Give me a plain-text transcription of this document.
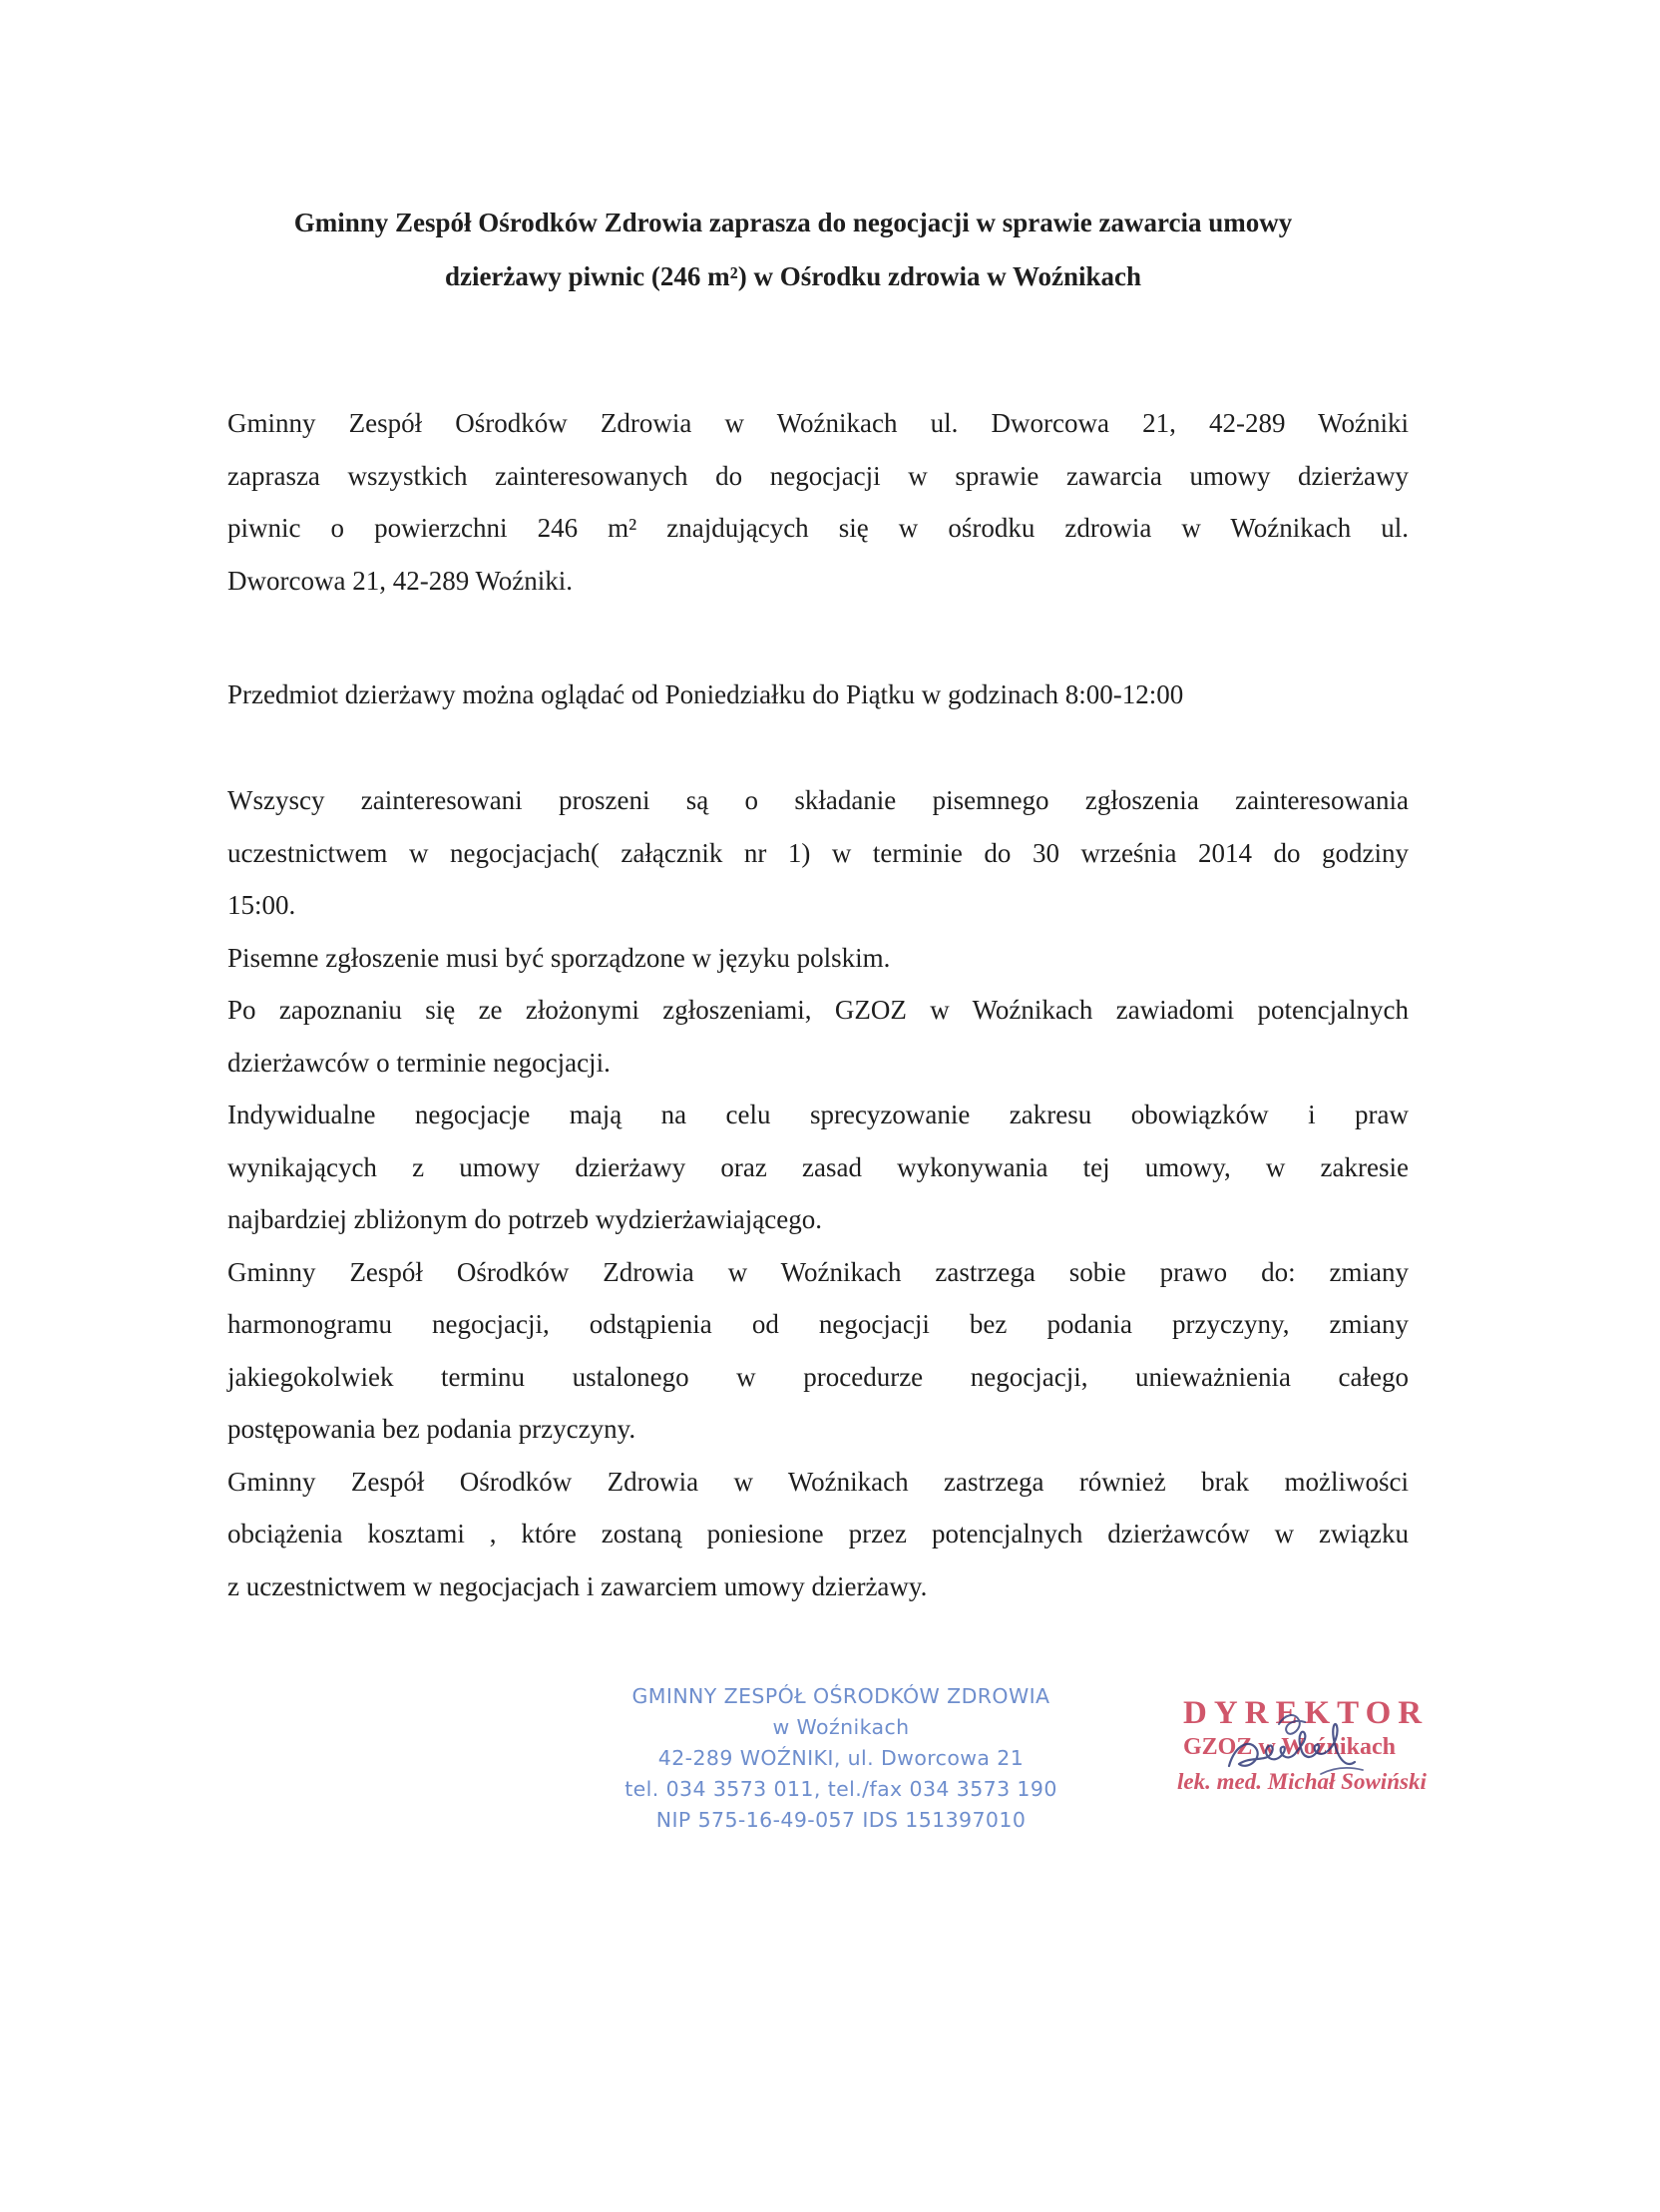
Gminny Zespół Ośrodków Zdrowia zaprasza do negocjacji w sprawie zawarcia umowy
dzierżawy piwnic (246 m²) w Ośrodku zdrowia w Woźnikach
Gminny Zespół Ośrodków Zdrowia w Woźnikach ul. Dworcowa 21, 42-289 Woźniki
zaprasza wszystkich zainteresowanych do negocjacji w sprawie zawarcia umowy dzierżawy
piwnic o powierzchni 246 m² znajdujących się w ośrodku zdrowia w Woźnikach ul.
Dworcowa 21, 42-289 Woźniki.
Przedmiot dzierżawy można oglądać od Poniedziałku do Piątku w godzinach 8:00-12:00
Wszyscy zainteresowani proszeni są o składanie pisemnego zgłoszenia zainteresowania
uczestnictwem w negocjacjach( załącznik nr 1) w terminie do 30 września 2014 do godziny
15:00.
Pisemne zgłoszenie musi być sporządzone w języku polskim.
Po zapoznaniu się ze złożonymi zgłoszeniami, GZOZ w Woźnikach zawiadomi potencjalnych
dzierżawców o terminie negocjacji.
Indywidualne negocjacje mają na celu sprecyzowanie zakresu obowiązków i praw
wynikających z umowy dzierżawy oraz zasad wykonywania tej umowy, w zakresie
najbardziej zbliżonym do potrzeb wydzierżawiającego.
Gminny Zespół Ośrodków Zdrowia w Woźnikach zastrzega sobie prawo do: zmiany
harmonogramu negocjacji, odstąpienia od negocjacji bez podania przyczyny, zmiany
jakiegokolwiek terminu ustalonego w procedurze negocjacji, unieważnienia całego
postępowania bez podania przyczyny.
Gminny Zespół Ośrodków Zdrowia w Woźnikach zastrzega również brak możliwości
obciążenia kosztami , które zostaną poniesione przez potencjalnych dzierżawców w związku
z uczestnictwem w negocjacjach i zawarciem umowy dzierżawy.
GMINNY ZESPÓŁ OŚRODKÓW ZDROWIA
w Woźnikach
42-289 WOŹNIKI, ul. Dworcowa 21
tel. 034 3573 011, tel./fax 034 3573 190
NIP 575-16-49-057 IDS 151397010
DYREKTOR
GZOZ w Woźnikach
lek. med. Michał Sowiński
